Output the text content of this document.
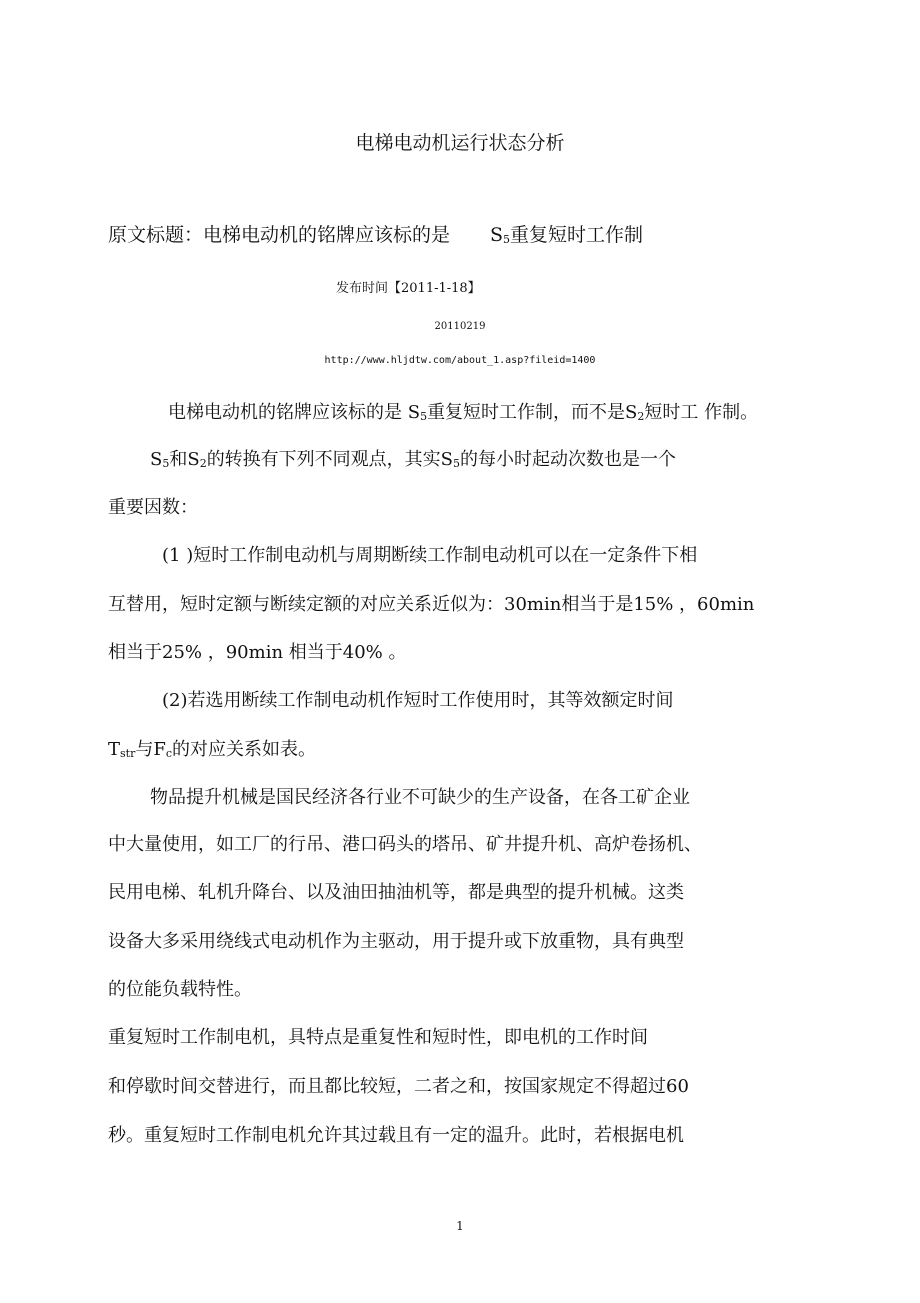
电梯电动机运行状态分析

原文标题：电梯电动机的铭牌应该标的是 $S_5$重复短时工作制

发布时间【2011-1-18】

20110219

http://www.hljdtw.com/about_1.asp?fileid=1400

电梯电动机的铭牌应该标的是 $S_5$重复短时工作制，而不是$S_2$短时工 作制。

$S_5$和$S_2$的转换有下列不同观点，其实$S_5$的每小时起动次数也是一个

重要因数：

(1 )短时工作制电动机与周期断续工作制电动机可以在一定条件下相

互替用，短时定额与断续定额的对应关系近似为：30min相当于是15% ，60min

相当于25% ，90min 相当于40% 。

(2)若选用断续工作制电动机作短时工作使用时，其等效额定时间

$T_{str}$与$F_c$的对应关系如表。

物品提升机械是国民经济各行业不可缺少的生产设备，在各工矿企业

中大量使用，如工厂的行吊、港口码头的塔吊、矿井提升机、高炉卷扬机、

民用电梯、轧机升降台、以及油田抽油机等，都是典型的提升机械。这类

设备大多采用绕线式电动机作为主驱动，用于提升或下放重物，具有典型

的位能负载特性。

重复短时工作制电机，具特点是重复性和短时性，即电机的工作时间

和停歇时间交替进行，而且都比较短，二者之和，按国家规定不得超过60

秒。重复短时工作制电机允许其过载且有一定的温升。此时，若根据电机

1
